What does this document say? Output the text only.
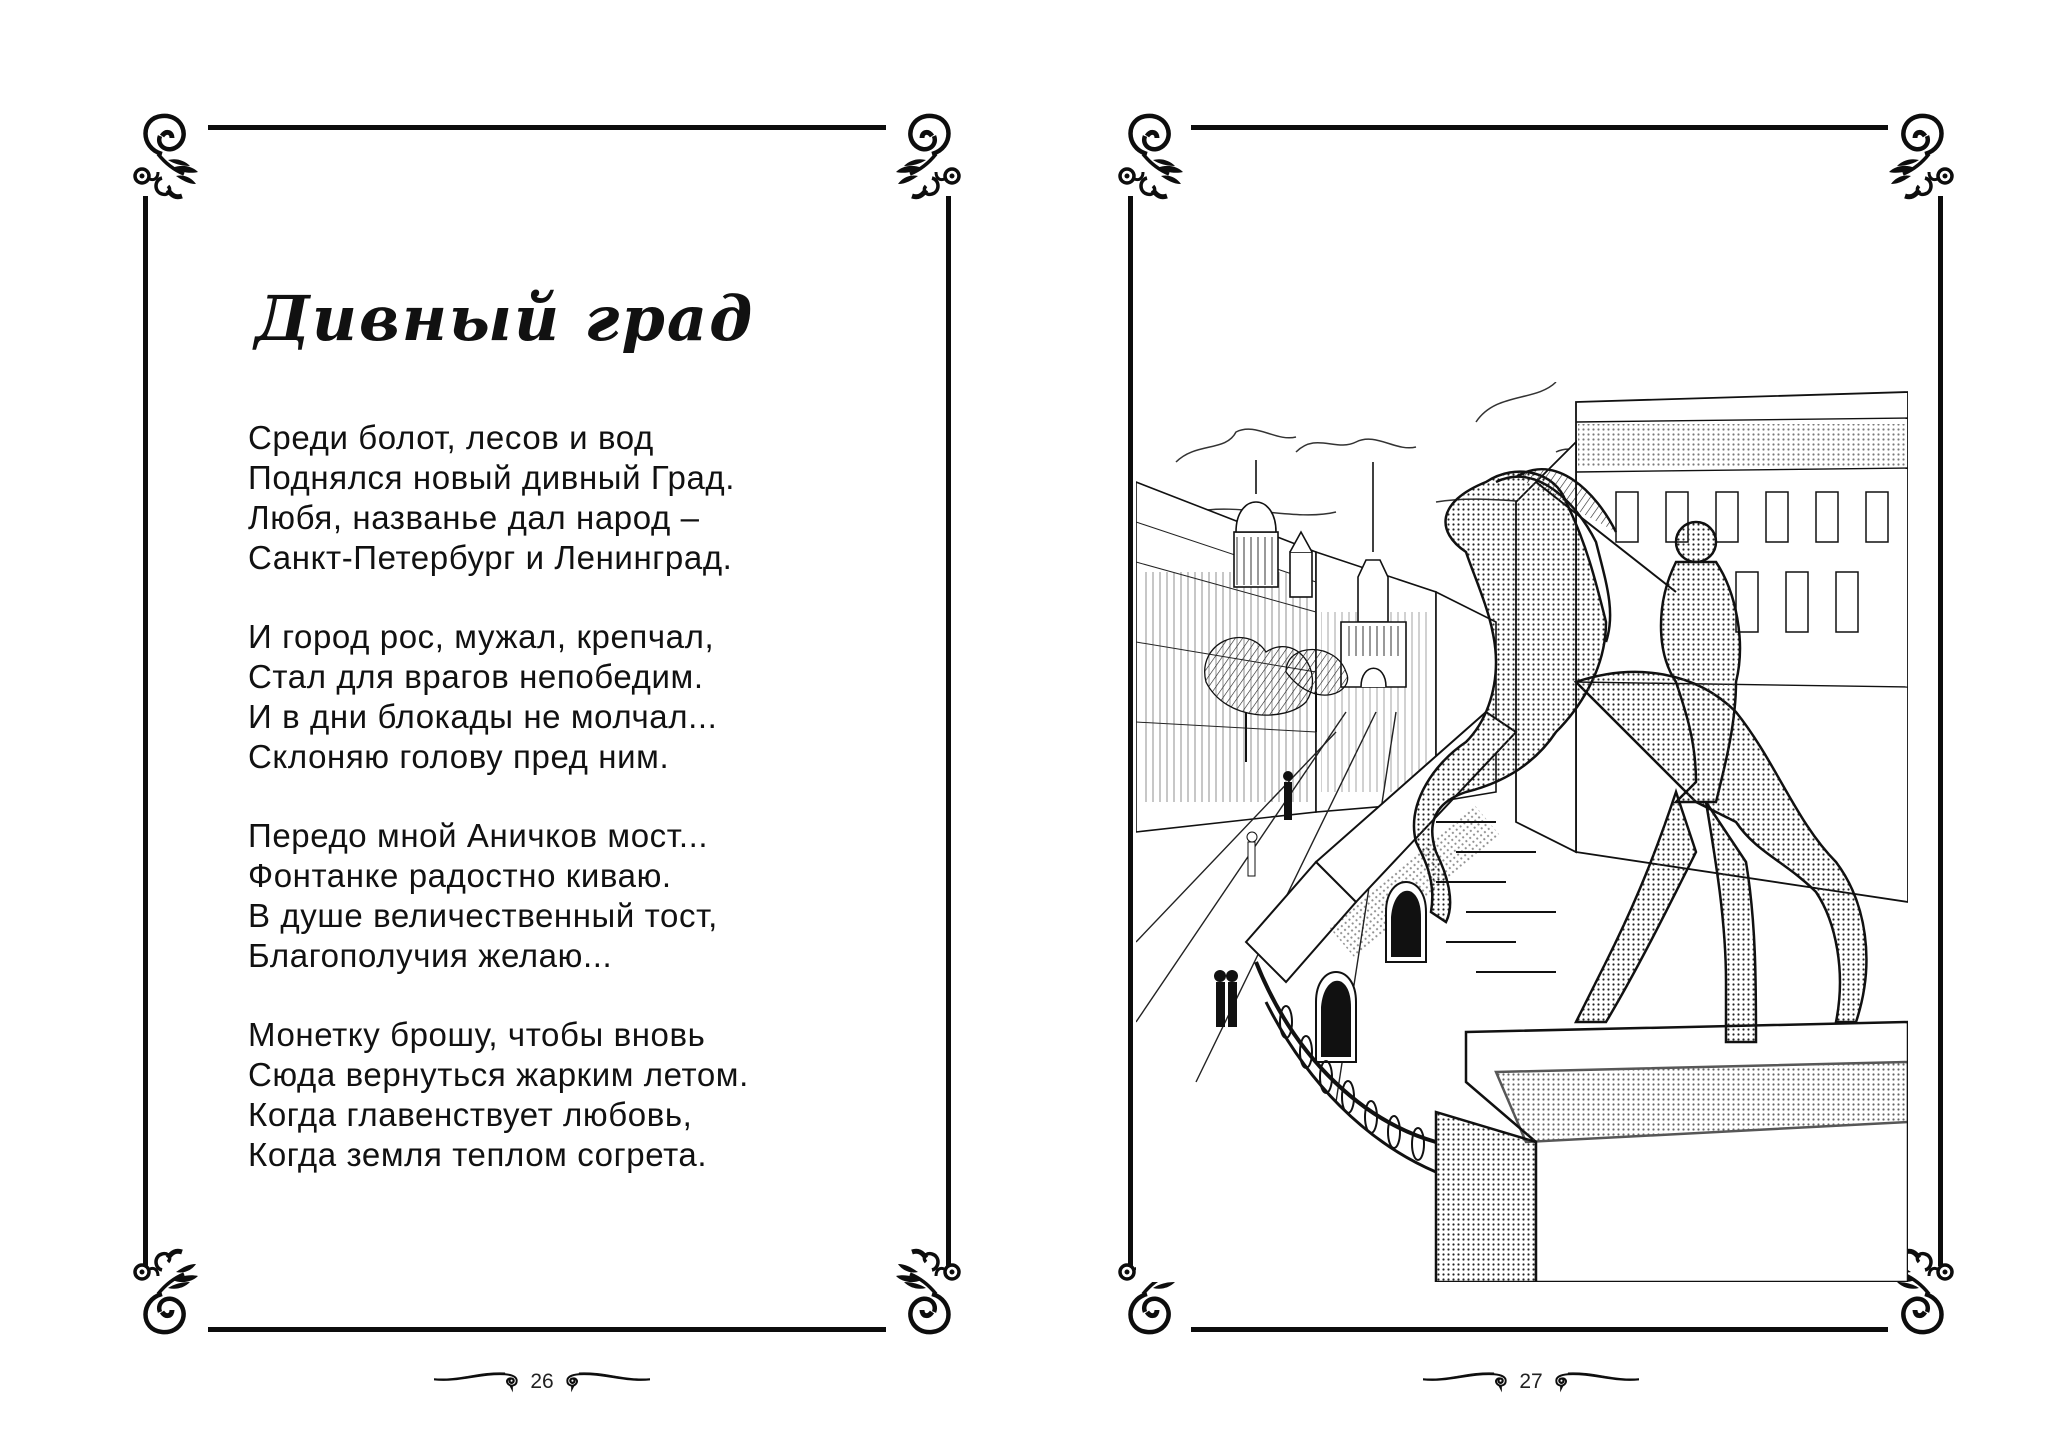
Дивный град
Среди болот, лесов и вод
Поднялся новый дивный Град.
Любя, названье дал народ –
Санкт-Петербург и Ленинград.
И город рос, мужал, крепчал,
Стал для врагов непобедим.
И в дни блокады не молчал...
Склоняю голову пред ним.
Передо мной Аничков мост...
Фонтанке радостно киваю.
В душе величественный тост,
Благополучия желаю...
Монетку брошу, чтобы вновь
Сюда вернуться жарким летом.
Когда главенствует любовь,
Когда земля теплом согрета.
26	27
